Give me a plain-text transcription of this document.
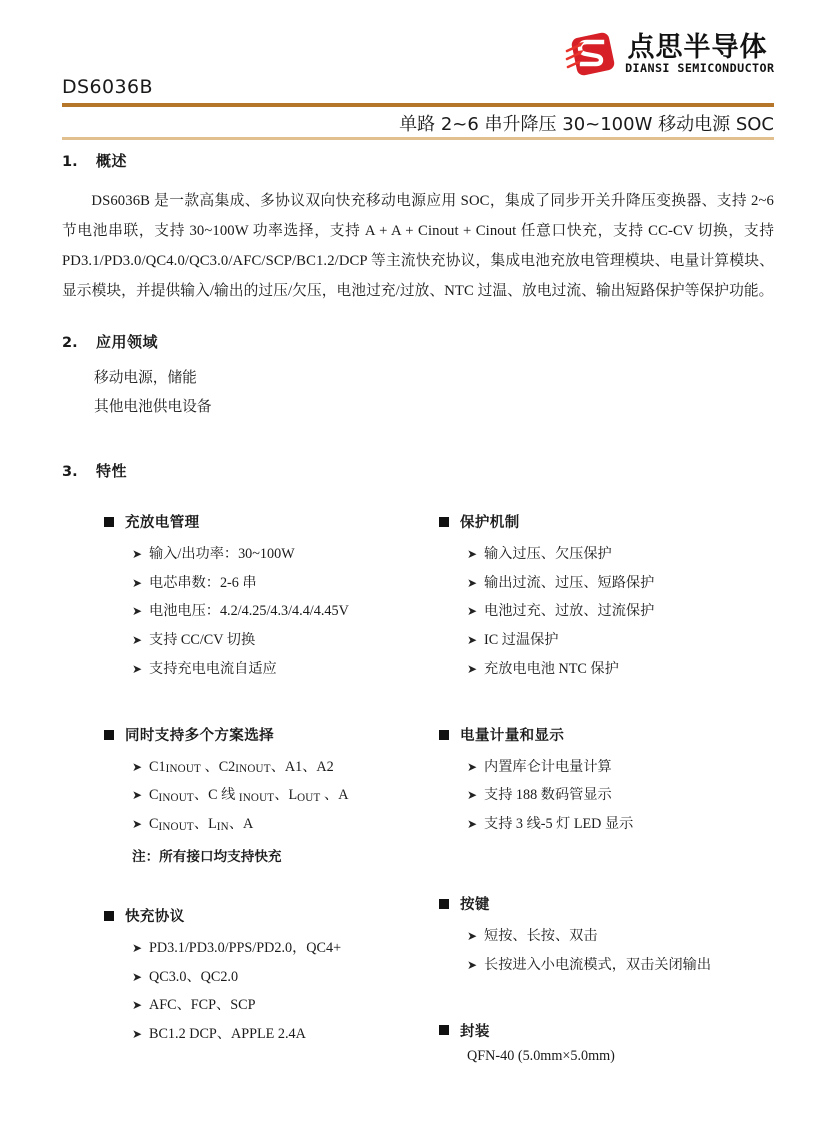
点思半导体
DIANSI SEMICONDUCTOR
DS6036B
单路 2~6 串升降压 30~100W 移动电源 SOC
1.	概述

DS6036B 是一款高集成、多协议双向快充移动电源应用 SOC，集成了同步开关升降压变换器、支持 2~6 节电池串联，支持 30~100W 功率选择，支持 A + A + Cinout + Cinout 任意口快充，支持 CC-CV 切换，支持 PD3.1/PD3.0/QC4.0/QC3.0/AFC/SCP/BC1.2/DCP 等主流快充协议，集成电池充放电管理模块、电量计算模块、显示模块，并提供输入/输出的过压/欠压，电池过充/过放、NTC 过温、放电过流、输出短路保护等保护功能。

2.	应用领域
移动电源，储能
其他电池供电设备
3.	特性
充放电管理
➤ 输入/出功率：30~100W
➤ 电芯串数：2-6 串
➤ 电池电压：4.2/4.25/4.3/4.4/4.45V
➤ 支持 CC/CV 切换
➤ 支持充电电流自适应
同时支持多个方案选择
➤ $C1_{INOUT}$ 、$C2_{INOUT}$、A1、A2
➤ $C_{INOUT}$、C 线 $_{INOUT}$、$L_{OUT}$ 、A
➤ $C_{INOUT}$、$L_{IN}$、A
注：所有接口均支持快充
快充协议
➤ PD3.1/PD3.0/PPS/PD2.0，QC4+
➤ QC3.0、QC2.0
➤ AFC、FCP、SCP
➤ BC1.2 DCP、APPLE 2.4A
保护机制
➤ 输入过压、欠压保护
➤ 输出过流、过压、短路保护
➤ 电池过充、过放、过流保护
➤ IC 过温保护
➤ 充放电电池 NTC 保护
电量计量和显示
➤ 内置库仑计电量计算
➤ 支持 188 数码管显示
➤ 支持 3 线-5 灯 LED 显示
按键
➤ 短按、长按、双击
➤ 长按进入小电流模式，双击关闭输出
封装
QFN-40 (5.0mm×5.0mm)
